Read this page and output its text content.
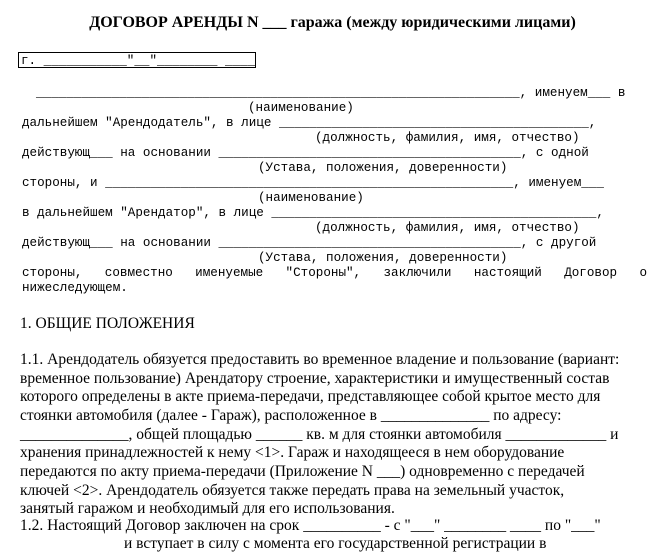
ДОГОВОР АРЕНДЫ N ___ гаража (между юридическими лицами)
г. ___________"__"________ ____
________________________________________________________________, именуем___ в
(наименование)
дальнейшем "Арендодатель", в лице _________________________________________,
(должность, фамилия, имя, отчество)
действующ___ на основании ________________________________________, с одной
(Устава, положения, доверенности)
стороны, и ______________________________________________________, именуем___
(наименование)
в дальнейшем "Арендатор", в лице ___________________________________________,
(должность, фамилия, имя, отчество)
действующ___ на основании ________________________________________, с другой
(Устава, положения, доверенности)
стороны, совместно именуемые "Стороны", заключили настоящий Договор о
нижеследующем.
1. ОБЩИЕ ПОЛОЖЕНИЯ
1.1. Арендодатель обязуется предоставить во временное владение и пользование (вариант:
временное пользование) Арендатору строение, характеристики и имущественный состав
которого определены в акте приема-передачи, представляющее собой крытое место для
стоянки автомобиля (далее - Гараж), расположенное в ______________ по адресу:
______________, общей площадью ______ кв. м для стоянки автомобиля _____________ и
хранения принадлежностей к нему <1>. Гараж и находящееся в нем оборудование
передаются по акту приема-передачи (Приложение N ___) одновременно с передачей
ключей <2>. Арендодатель обязуется также передать права на земельный участок,
занятый гаражом и необходимый для его использования.
1.2. Настоящий Договор заключен на срок __________ - с "___" ________ ____ по "___"
и вступает в силу с момента его государственной регистрации в
